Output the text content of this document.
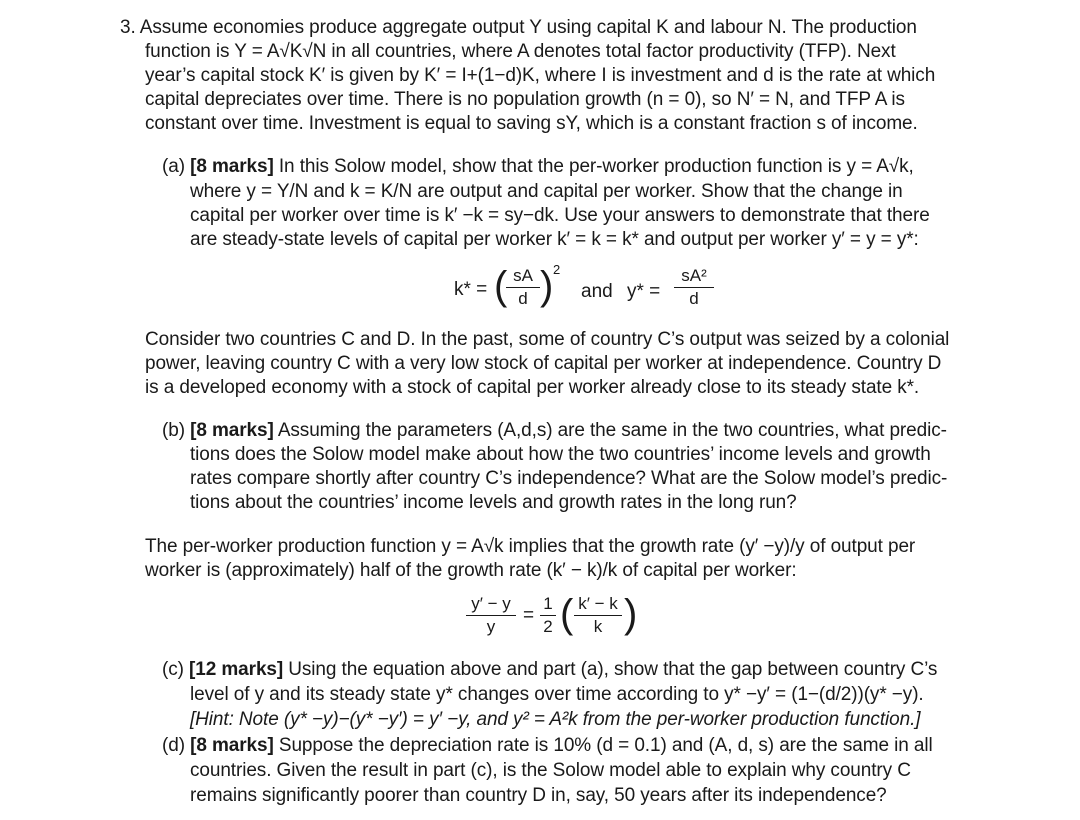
3. Assume economies produce aggregate output Y using capital K and labour N. The production
function is Y = A√K√N in all countries, where A denotes total factor productivity (TFP). Next
year’s capital stock K′ is given by K′ = I+(1−d)K, where I is investment and d is the rate at which
capital depreciates over time. There is no population growth (n = 0), so N′ = N, and TFP A is
constant over time. Investment is equal to saving sY, which is a constant fraction s of income.
(a) [8 marks] In this Solow model, show that the per-worker production function is y = A√k,
where y = Y/N and k = K/N are output and capital per worker. Show that the change in
capital per worker over time is k′ −k = sy−dk. Use your answers to demonstrate that there
are steady-state levels of capital per worker k′ = k = k* and output per worker y′ = y = y*:
k* = ( sA
d ) 2
and y* =
sA²
d
Consider two countries C and D. In the past, some of country C’s output was seized by a colonial
power, leaving country C with a very low stock of capital per worker at independence. Country D
is a developed economy with a stock of capital per worker already close to its steady state k*.
(b) [8 marks] Assuming the parameters (A,d,s) are the same in the two countries, what predic-
tions does the Solow model make about how the two countries’ income levels and growth
rates compare shortly after country C’s independence? What are the Solow model’s predic-
tions about the countries’ income levels and growth rates in the long run?
The per-worker production function y = A√k implies that the growth rate (y′ −y)/y of output per
worker is (approximately) half of the growth rate (k′ − k)/k of capital per worker:
y′ − y
y
=
1
2 ( k′ − k
k )
(c) [12 marks] Using the equation above and part (a), show that the gap between country C’s
level of y and its steady state y* changes over time according to y* −y′ = (1−(d/2))(y* −y).
[Hint: Note (y* −y)−(y* −y′) = y′ −y, and y² = A²k from the per-worker production function.]
(d) [8 marks] Suppose the depreciation rate is 10% (d = 0.1) and (A, d, s) are the same in all
countries. Given the result in part (c), is the Solow model able to explain why country C
remains significantly poorer than country D in, say, 50 years after its independence?
